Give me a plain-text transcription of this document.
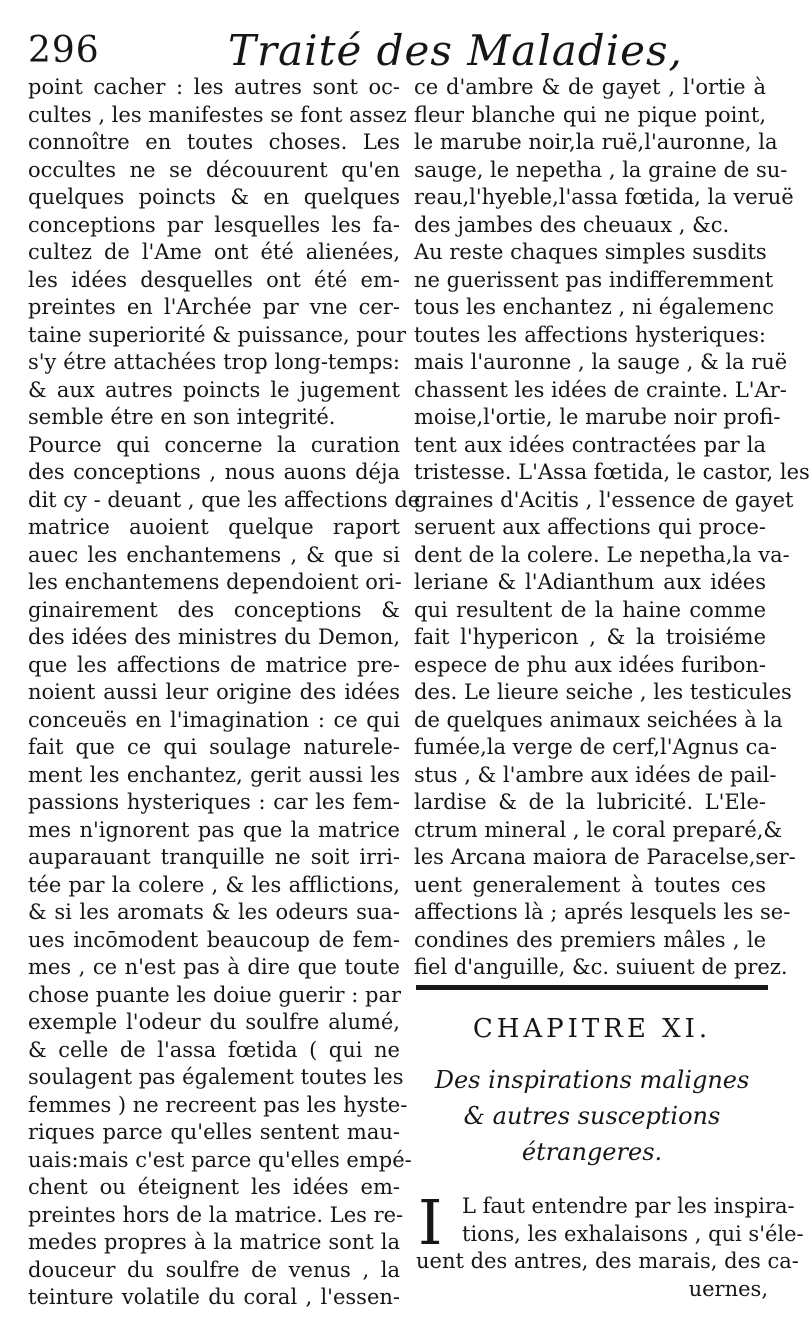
296	Traité des Maladies,
point cacher : les autres sont oc-
cultes , les manifestes se font assez
connoître en toutes choses. Les
occultes ne se découurent qu'en
quelques poincts & en quelques
conceptions par lesquelles les fa-
cultez de l'Ame ont été alienées,
les idées desquelles ont été em-
preintes en l'Archée par vne cer-
taine superiorité & puissance, pour
s'y étre attachées trop long-temps:
& aux autres poincts le jugement
semble étre en son integrité.
Pource qui concerne la curation
des conceptions , nous auons déja
dit cy - deuant , que les affections de
matrice auoient quelque raport
auec les enchantemens , & que si
les enchantemens dependoient ori-
ginairement des conceptions &
des idées des ministres du Demon,
que les affections de matrice pre-
noient aussi leur origine des idées
conceuës en l'imagination : ce qui
fait que ce qui soulage naturele-
ment les enchantez, gerit aussi les
passions hysteriques : car les fem-
mes n'ignorent pas que la matrice
auparauant tranquille ne soit irri-
tée par la colere , & les afflictions,
& si les aromats & les odeurs sua-
ues incōmodent beaucoup de fem-
mes , ce n'est pas à dire que toute
chose puante les doiue guerir : par
exemple l'odeur du soulfre alumé,
& celle de l'assa fœtida ( qui ne
soulagent pas également toutes les
femmes ) ne recreent pas les hyste-
riques parce qu'elles sentent mau-
uais:mais c'est parce qu'elles empé-
chent ou éteignent les idées em-
preintes hors de la matrice. Les re-
medes propres à la matrice sont la
douceur du soulfre de venus , la
teinture volatile du coral , l'essen-
ce d'ambre & de gayet , l'ortie à
fleur blanche qui ne pique point,
le marube noir,la ruë,l'auronne, la
sauge, le nepetha , la graine de su-
reau,l'hyeble,l'assa fœtida, la veruë
des jambes des cheuaux , &c.
Au reste chaques simples susdits
ne guerissent pas indifferemment
tous les enchantez , ni égalemenc
toutes les affections hysteriques:
mais l'auronne , la sauge , & la ruë
chassent les idées de crainte. L'Ar-
moise,l'ortie, le marube noir profi-
tent aux idées contractées par la
tristesse. L'Assa fœtida, le castor, les
graines d'Acitis , l'essence de gayet
seruent aux affections qui proce-
dent de la colere. Le nepetha,la va-
leriane & l'Adianthum aux idées
qui resultent de la haine comme
fait l'hypericon , & la troisiéme
espece de phu aux idées furibon-
des. Le lieure seiche , les testicules
de quelques animaux seichées à la
fumée,la verge de cerf,l'Agnus ca-
stus , & l'ambre aux idées de pail-
lardise & de la lubricité. L'Ele-
ctrum mineral , le coral preparé,&
les Arcana maiora de Paracelse,ser-
uent generalement à toutes ces
affections là ; aprés lesquels les se-
condines des premiers mâles , le
fiel d'anguille, &c. suiuent de prez.
CHAPITRE XI.
Des inspirations malignes
& autres susceptions
étrangeres.
I L faut entendre par les inspira-
tions, les exhalaisons , qui s'éle-
uent des antres, des marais, des ca-
uernes,
